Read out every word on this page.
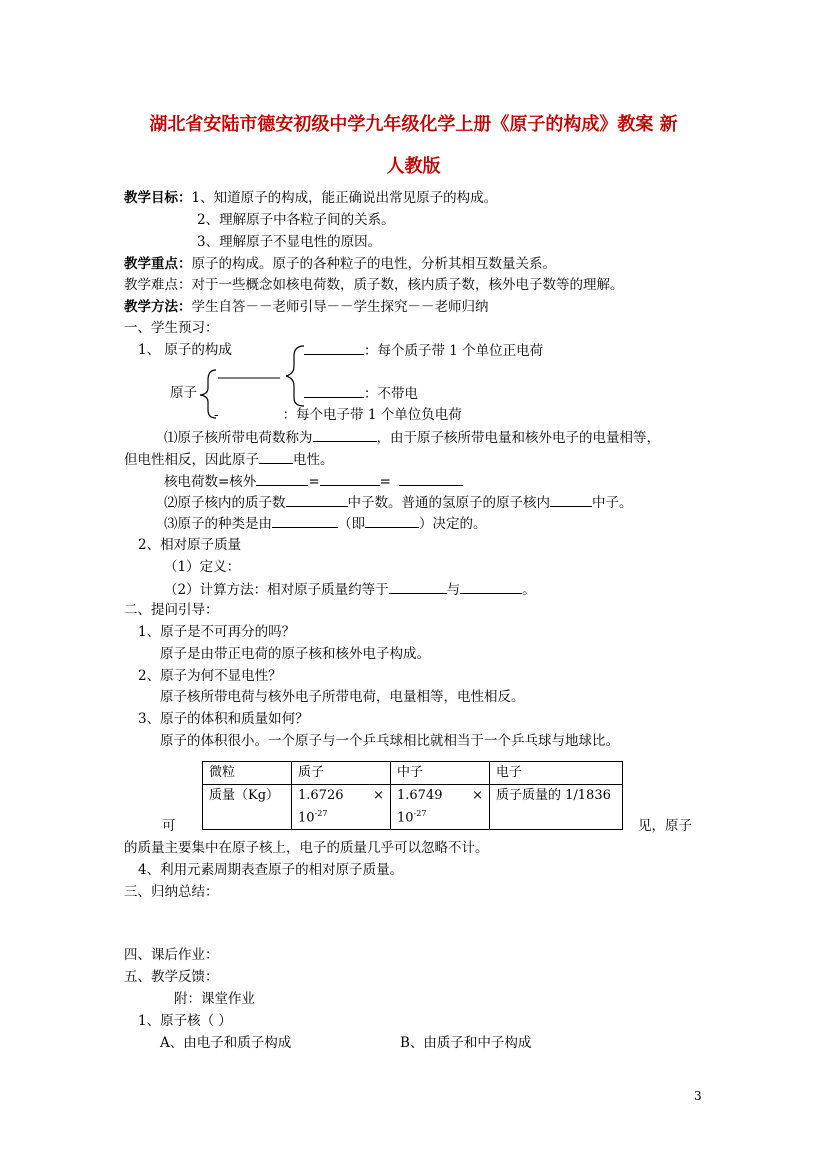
湖北省安陆市德安初级中学九年级化学上册《原子的构成》教案 新
人教版
教学目标：1、知道原子的构成，能正确说出常见原子的构成。
2、理解原子中各粒子间的关系。
3、理解原子不显电性的原因。
教学重点：原子的构成。原子的各种粒子的电性，分析其相互数量关系。
教学难点：对于一些概念如核电荷数，质子数，核内质子数，核外电子数等的理解。
教学方法：学生自答－－老师引导－－学生探究－－老师归纳
一、学生预习：
1、 原子的构成	：每个质子带 1 个单位正电荷
原子	：不带电
-	：每个电子带 1 个单位负电荷
⑴原子核所带电荷数称为	，由于原子核所带电量和核外电子的电量相等，
但电性相反，因此原子	电性。
核电荷数=核外	=	=
⑵原子核内的质子数	中子数。普通的氢原子的原子核内	中子。
⑶原子的种类是由	（即	）决定的。
2、相对原子质量
（1）定义：
（2）计算方法：相对原子质量约等于	与	。
二、提问引导：
1、原子是不可再分的吗？
原子是由带正电荷的原子核和核外电子构成。
2、原子为何不显电性？
原子核所带电荷与核外电子所带电荷，电量相等，电性相反。
3、原子的体积和质量如何？
原子的体积很小。一个原子与一个乒乓球相比就相当于一个乒乓球与地球比。
微粒	质子	中子	电子
质量（Kg）	1.6726 ×

$10^{-27}$	1.6749 ×

$10^{-27}$	质子质量的 1/1836
可	见，原子
的质量主要集中在原子核上，电子的质量几乎可以忽略不计。
4、利用元素周期表查原子的相对原子质量。
三、归纳总结：
四、课后作业：
五、教学反馈：
附：课堂作业
1、原子核（ ）
A、由电子和质子构成	B、由质子和中子构成
3
